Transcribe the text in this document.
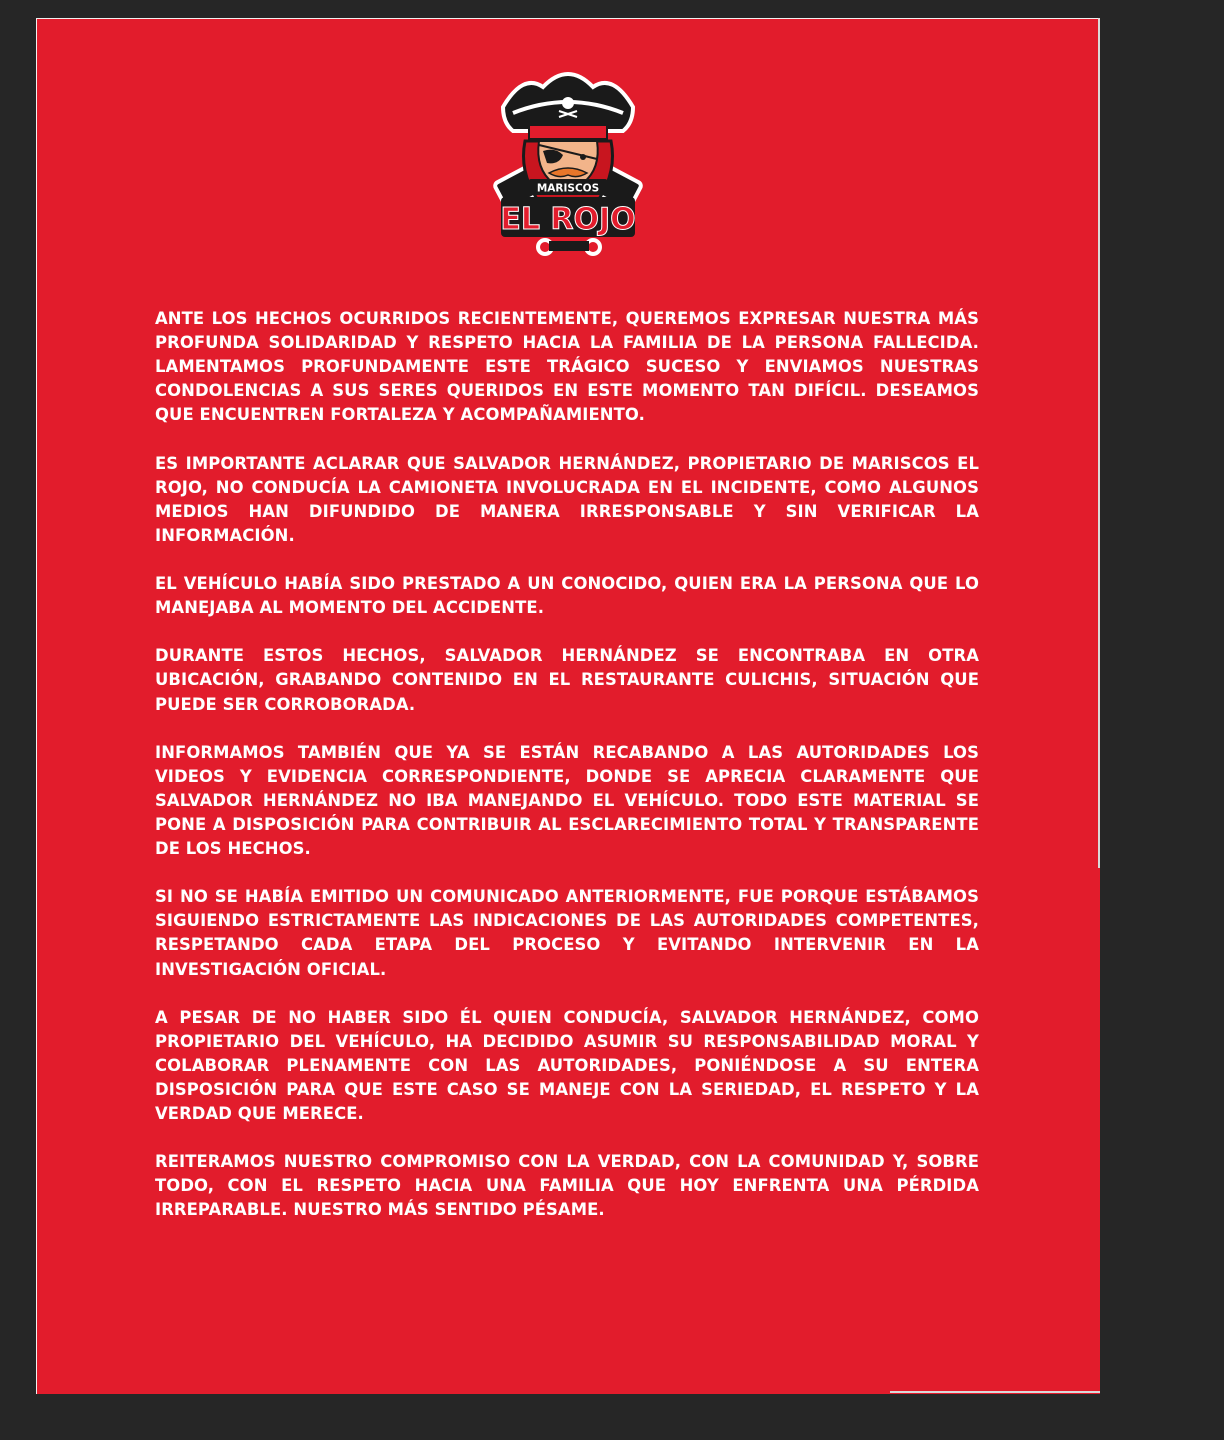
MARISCOS
EL ROJO

ANTE LOS HECHOS OCURRIDOS RECIENTEMENTE, QUEREMOS EXPRESAR NUESTRA MÁS PROFUNDA SOLIDARIDAD Y RESPETO HACIA LA FAMILIA DE LA PERSONA FALLECIDA. LAMENTAMOS PROFUNDAMENTE ESTE TRÁGICO SUCESO Y ENVIAMOS NUESTRAS CONDOLENCIAS A SUS SERES QUERIDOS EN ESTE MOMENTO TAN DIFÍCIL. DESEAMOS QUE ENCUENTREN FORTALEZA Y ACOMPAÑAMIENTO.

ES IMPORTANTE ACLARAR QUE SALVADOR HERNÁNDEZ, PROPIETARIO DE MARISCOS EL ROJO, NO CONDUCÍA LA CAMIONETA INVOLUCRADA EN EL INCIDENTE, COMO ALGUNOS MEDIOS HAN DIFUNDIDO DE MANERA IRRESPONSABLE Y SIN VERIFICAR LA INFORMACIÓN.

EL VEHÍCULO HABÍA SIDO PRESTADO A UN CONOCIDO, QUIEN ERA LA PERSONA QUE LO MANEJABA AL MOMENTO DEL ACCIDENTE.

DURANTE ESTOS HECHOS, SALVADOR HERNÁNDEZ SE ENCONTRABA EN OTRA UBICACIÓN, GRABANDO CONTENIDO EN EL RESTAURANTE CULICHIS, SITUACIÓN QUE PUEDE SER CORROBORADA.

INFORMAMOS TAMBIÉN QUE YA SE ESTÁN RECABANDO A LAS AUTORIDADES LOS VIDEOS Y EVIDENCIA CORRESPONDIENTE, DONDE SE APRECIA CLARAMENTE QUE SALVADOR HERNÁNDEZ NO IBA MANEJANDO EL VEHÍCULO. TODO ESTE MATERIAL SE PONE A DISPOSICIÓN PARA CONTRIBUIR AL ESCLARECIMIENTO TOTAL Y TRANSPARENTE DE LOS HECHOS.

SI NO SE HABÍA EMITIDO UN COMUNICADO ANTERIORMENTE, FUE PORQUE ESTÁBAMOS SIGUIENDO ESTRICTAMENTE LAS INDICACIONES DE LAS AUTORIDADES COMPETENTES, RESPETANDO CADA ETAPA DEL PROCESO Y EVITANDO INTERVENIR EN LA INVESTIGACIÓN OFICIAL.

A PESAR DE NO HABER SIDO ÉL QUIEN CONDUCÍA, SALVADOR HERNÁNDEZ, COMO PROPIETARIO DEL VEHÍCULO, HA DECIDIDO ASUMIR SU RESPONSABILIDAD MORAL Y COLABORAR PLENAMENTE CON LAS AUTORIDADES, PONIÉNDOSE A SU ENTERA DISPOSICIÓN PARA QUE ESTE CASO SE MANEJE CON LA SERIEDAD, EL RESPETO Y LA VERDAD QUE MERECE.

REITERAMOS NUESTRO COMPROMISO CON LA VERDAD, CON LA COMUNIDAD Y, SOBRE TODO, CON EL RESPETO HACIA UNA FAMILIA QUE HOY ENFRENTA UNA PÉRDIDA IRREPARABLE. NUESTRO MÁS SENTIDO PÉSAME.
